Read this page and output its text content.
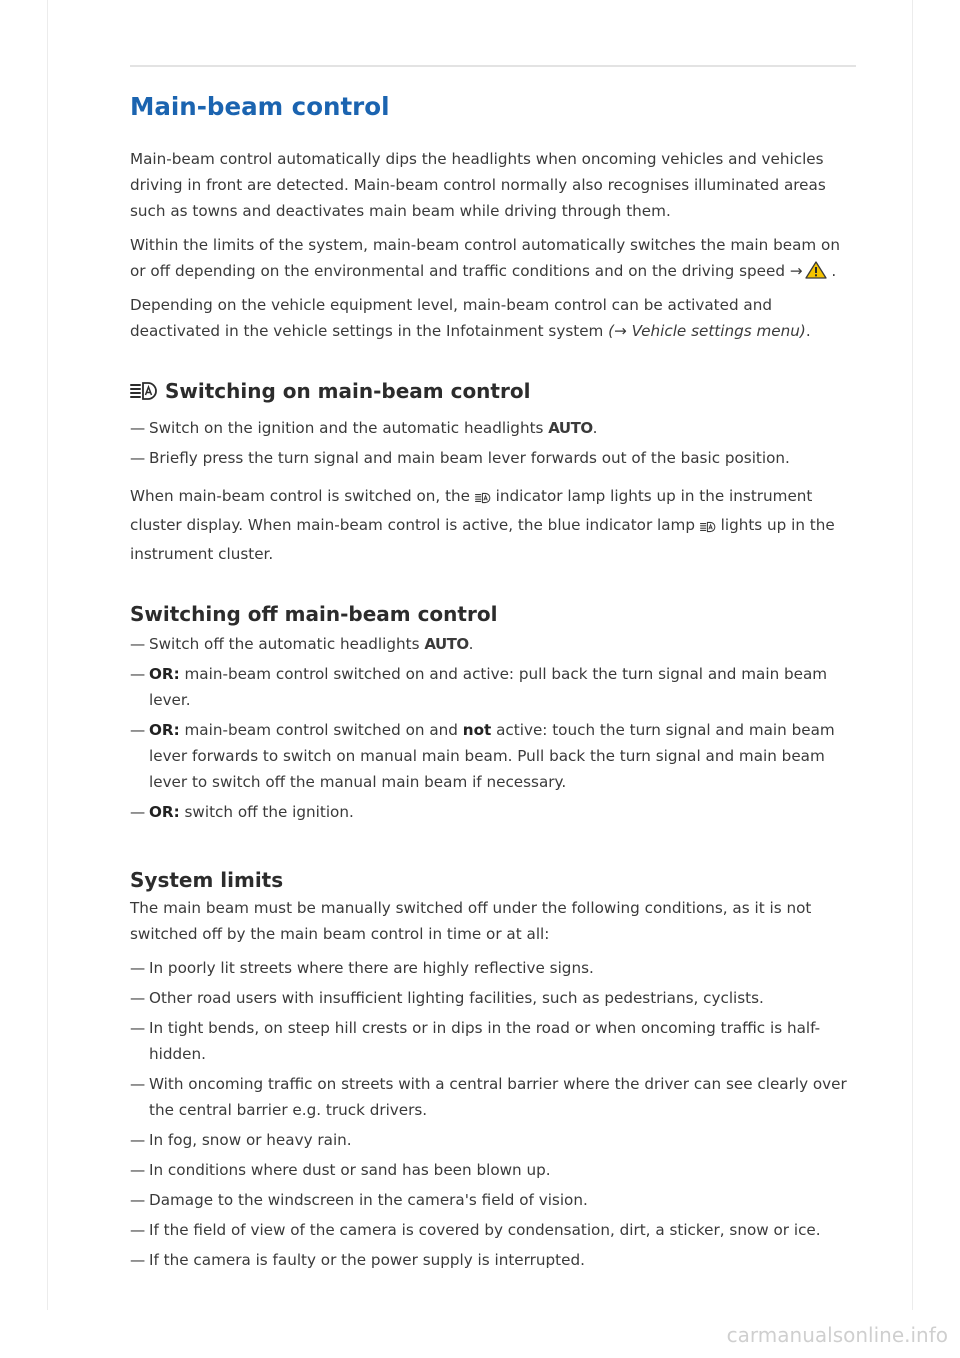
Main-beam control

Main-beam control automatically dips the headlights when oncoming vehicles and vehicles driving in front are detected. Main-beam control normally also recognises illuminated areas such as towns and deactivates main beam while driving through them.

Within the limits of the system, main-beam control automatically switches the main beam on or off depending on the environmental and traffic conditions and on the driving speed → .

Depending on the vehicle equipment level, main-beam control can be activated and deactivated in the vehicle settings in the Infotainment system (→ Vehicle settings menu).

Switching on main-beam control
— Switch on the ignition and the automatic headlights AUTO.
— Briefly press the turn signal and main beam lever forwards out of the basic position.

When main-beam control is switched on, the indicator lamp lights up in the instrument cluster display. When main-beam control is active, the blue indicator lamp lights up in the instrument cluster.

Switching off main-beam control
— Switch off the automatic headlights AUTO.
— OR: main-beam control switched on and active: pull back the turn signal and main beam lever.
— OR: main-beam control switched on and not active: touch the turn signal and main beam lever forwards to switch on manual main beam. Pull back the turn signal and main beam lever to switch off the manual main beam if necessary.
— OR: switch off the ignition.
System limits

The main beam must be manually switched off under the following conditions, as it is not switched off by the main beam control in time or at all:

— In poorly lit streets where there are highly reflective signs.
— Other road users with insufficient lighting facilities, such as pedestrians, cyclists.
— In tight bends, on steep hill crests or in dips in the road or when oncoming traffic is half-hidden.
— With oncoming traffic on streets with a central barrier where the driver can see clearly over the central barrier e.g. truck drivers.
— In fog, snow or heavy rain.
— In conditions where dust or sand has been blown up.
— Damage to the windscreen in the camera's field of vision.
— If the field of view of the camera is covered by condensation, dirt, a sticker, snow or ice.
— If the camera is faulty or the power supply is interrupted.
carmanualsonline.info
